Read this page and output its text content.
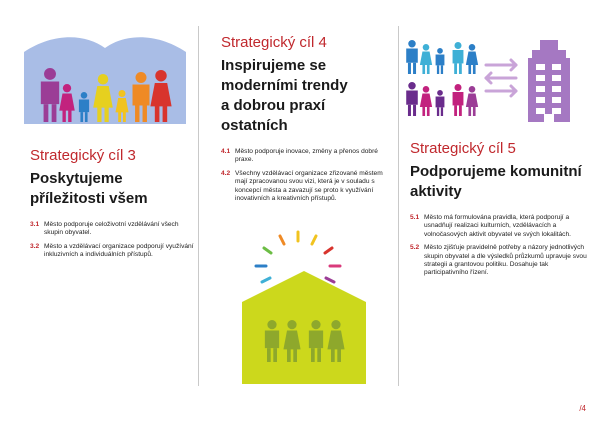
Strategický cíl 3
Poskytujeme
příležitosti všem
3.1 Město podporuje celoživotní vzdělávání všech skupin obyvatel.
3.2 Město a vzdělávací organizace podporují využívání inkluzivních a individuálních přístupů.
Strategický cíl 4
Inspirujeme se
moderními trendy
a dobrou praxí
ostatních
4.1 Město podporuje inovace, změny a přenos dobré praxe.
4.2 Všechny vzdělávací organizace zřizované městem mají zpracovanou svou vizi, která je v souladu s koncepcí města a zavazují se proto k využívání inovativních a kreativních přístupů.
Strategický cíl 5
Podporujeme komunitní
aktivity
5.1 Město má formulována pravidla, která podporují a usnadňují realizaci kulturních, vzdělávacích a volnočasových aktivit obyvatel ve svých lokalitách.
5.2 Město zjišťuje pravidelně potřeby a názory jednotlivých skupin obyvatel a dle výsledků průzkumů upravuje svou strategii a grantovou politiku. Dosahuje tak participativního řízení.
/4
